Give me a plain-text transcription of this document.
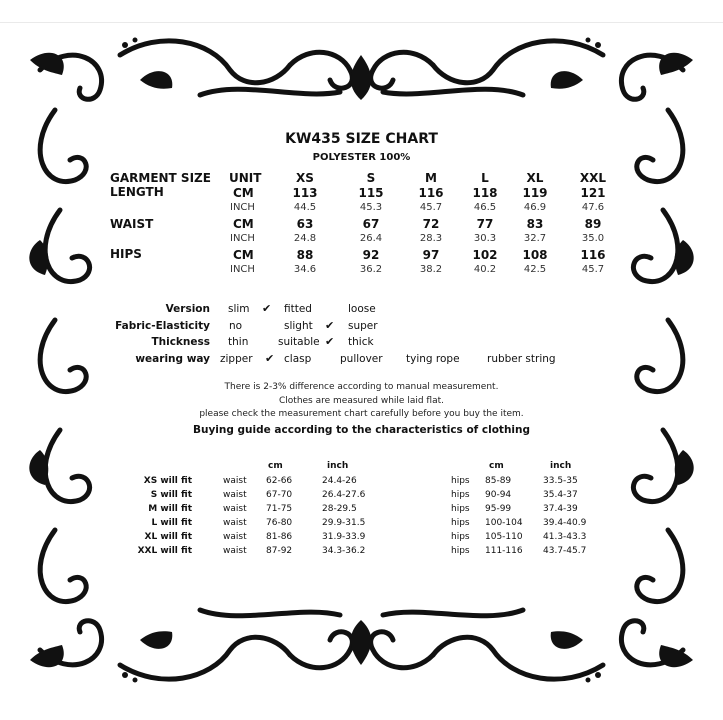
KW435 SIZE CHART
POLYESTER 100%
GARMENT SIZE UNIT	XS	S	M	L	XL	XXL
LENGTH	CM	113	115	116	118	119	121
INCH	44.5	45.3	45.7	46.5	46.9	47.6
WAIST	CM	63	67	72	77	83	89
INCH	24.8	26.4	28.3	30.3	32.7	35.0
HIPS	CM	88	92	97	102	108	116
INCH	34.6	36.2	38.2	40.2	42.5	45.7
Version slim ✔ fitted	loose
Fabric-Elasticity no	slight ✔ super
Thickness thin	suitable ✔ thick
wearing way zipper ✔ clasp	pullover tying rope	rubber string
There is 2-3% difference according to manual measurement.
Clothes are measured while laid flat.
please check the measurement chart carefully before you buy the item.
Buying guide according to the characteristics of clothing
cm	inch	cm	inch
XS will fit	waist 62-66	24.4-26	hips 85-89	33.5-35
S will fit	waist 67-70	26.4-27.6	hips 90-94	35.4-37
M will fit	waist 71-75	28-29.5	hips 95-99	37.4-39
L will fit	waist 76-80	29.9-31.5	hips 100-104 39.4-40.9
XL will fit	waist 81-86	31.9-33.9	hips 105-110 41.3-43.3
XXL will fit	waist 87-92	34.3-36.2	hips 111-116 43.7-45.7
